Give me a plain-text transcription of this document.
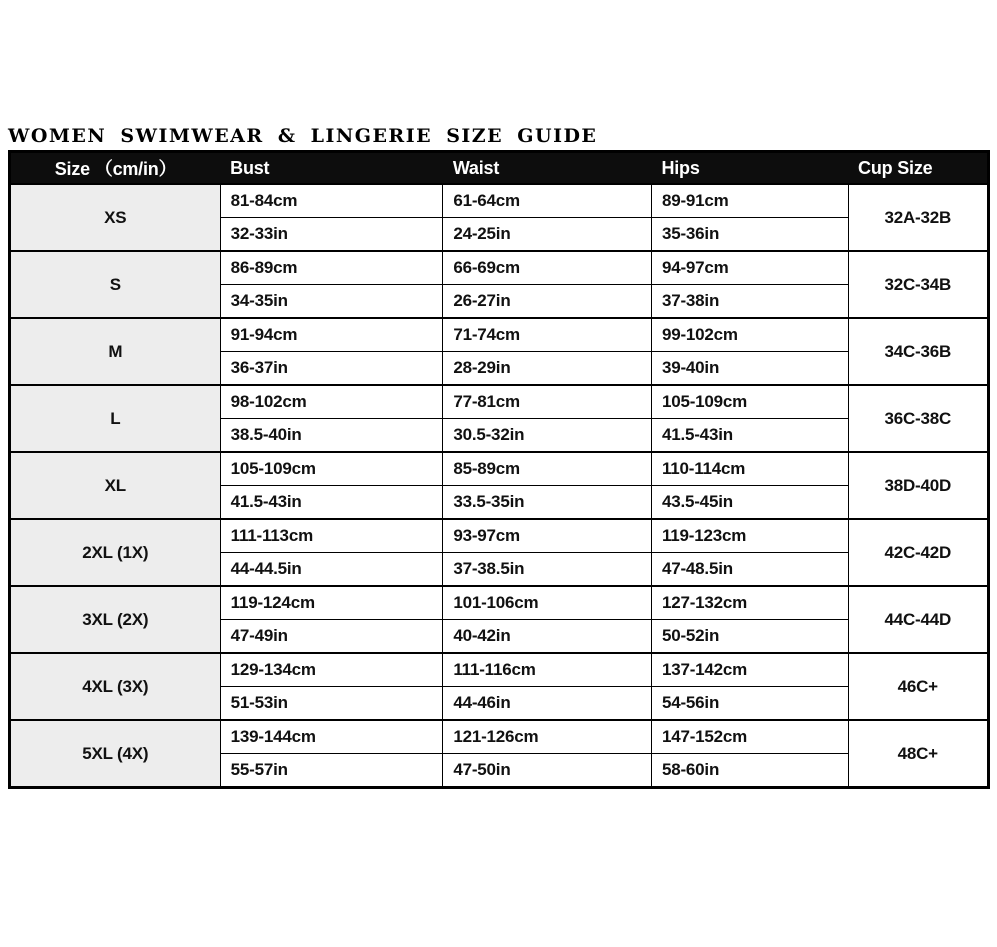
WOMEN SWIMWEAR & LINGERIE SIZE GUIDE
Size （cm/in）	Bust	Waist	Hips	Cup Size
XS	81-84cm	61-64cm	89-91cm	32A-32B
	32-33in	24-25in	35-36in	
S	86-89cm	66-69cm	94-97cm	32C-34B
	34-35in	26-27in	37-38in	
M	91-94cm	71-74cm	99-102cm	34C-36B
	36-37in	28-29in	39-40in	
L	98-102cm	77-81cm	105-109cm	36C-38C
	38.5-40in	30.5-32in	41.5-43in	
XL	105-109cm	85-89cm	110-114cm	38D-40D
	41.5-43in	33.5-35in	43.5-45in	
2XL (1X)	111-113cm	93-97cm	119-123cm	42C-42D
	44-44.5in	37-38.5in	47-48.5in	
3XL (2X)	119-124cm	101-106cm	127-132cm	44C-44D
	47-49in	40-42in	50-52in	
4XL (3X)	129-134cm	111-116cm	137-142cm	46C+
	51-53in	44-46in	54-56in	
5XL (4X)	139-144cm	121-126cm	147-152cm	48C+
	55-57in	47-50in	58-60in	
